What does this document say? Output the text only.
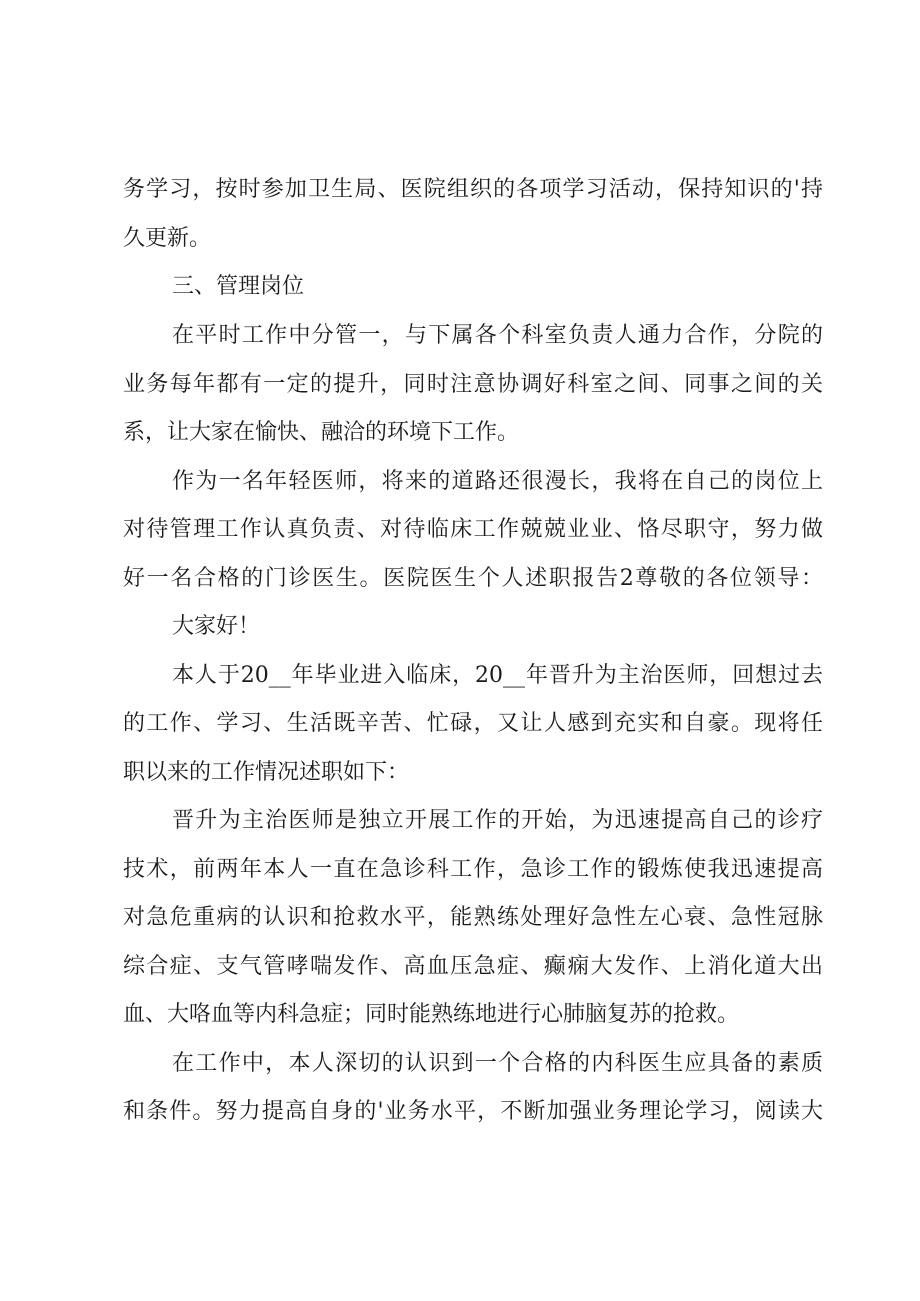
务学习，按时参加卫生局、医院组织的各项学习活动，保持知识的'持
久更新。
三、管理岗位
在平时工作中分管一，与下属各个科室负责人通力合作，分院的
业务每年都有一定的提升，同时注意协调好科室之间、同事之间的关
系，让大家在愉快、融洽的环境下工作。
作为一名年轻医师，将来的道路还很漫长，我将在自己的岗位上
对待管理工作认真负责、对待临床工作兢兢业业、恪尽职守，努力做
好一名合格的门诊医生。医院医生个人述职报告2尊敬的各位领导：
大家好！
本人于20__年毕业进入临床，20__年晋升为主治医师，回想过去
的工作、学习、生活既辛苦、忙碌，又让人感到充实和自豪。现将任
职以来的工作情况述职如下：
晋升为主治医师是独立开展工作的开始，为迅速提高自己的诊疗
技术，前两年本人一直在急诊科工作，急诊工作的锻炼使我迅速提高
对急危重病的认识和抢救水平，能熟练处理好急性左心衰、急性冠脉
综合症、支气管哮喘发作、高血压急症、癫痫大发作、上消化道大出
血、大咯血等内科急症；同时能熟练地进行心肺脑复苏的抢救。
在工作中，本人深切的认识到一个合格的内科医生应具备的素质
和条件。努力提高自身的'业务水平，不断加强业务理论学习，阅读大
